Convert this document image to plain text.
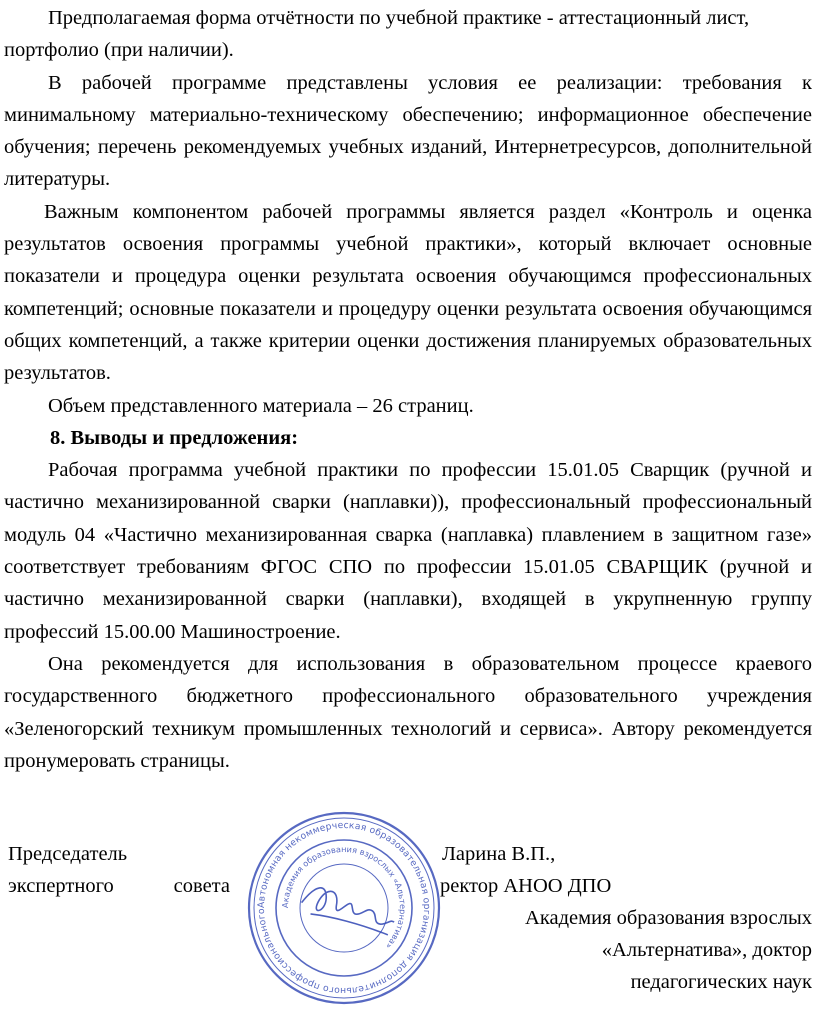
Предполагаемая форма отчётности по учебной практике - аттестационный лист, портфолио (при наличии).

В рабочей программе представлены условия ее реализации: требования к минимальному материально-техническому обеспечению; информационное обеспечение обучения; перечень рекомендуемых учебных изданий, Интернетресурсов, дополнительной литературы.

Важным компонентом рабочей программы является раздел «Контроль и оценка результатов освоения программы учебной практики», который включает основные показатели и процедура оценки результата освоения обучающимся профессиональных компетенций; основные показатели и процедуру оценки результата освоения обучающимся общих компетенций, а также критерии оценки достижения планируемых образовательных результатов.

Объем представленного материала – 26 страниц.

8. Выводы и предложения:

Рабочая программа учебной практики по профессии 15.01.05 Сварщик (ручной и частично механизированной сварки (наплавки)), профессиональный профессиональный модуль 04 «Частично механизированная сварка (наплавка) плавлением в защитном газе» соответствует требованиям ФГОС СПО по профессии 15.01.05 СВАРЩИК (ручной и частично механизированной сварки (наплавки), входящей в укрупненную группу профессий 15.00.00 Машиностроение.

Она рекомендуется для использования в образовательном процессе краевого государственного бюджетного профессионального образовательного учреждения «Зеленогорский техникум промышленных технологий и сервиса». Автору рекомендуется пронумеровать страницы.

Председатель
экспертного	совета
Автономная некоммерческая образовательная организация дополнительного профессионального
Академия образования взрослых «Альтернатива»
Ларина В.П.,
ректор АНОО ДПО
Академия образования взрослых
«Альтернатива», доктор
педагогических наук
